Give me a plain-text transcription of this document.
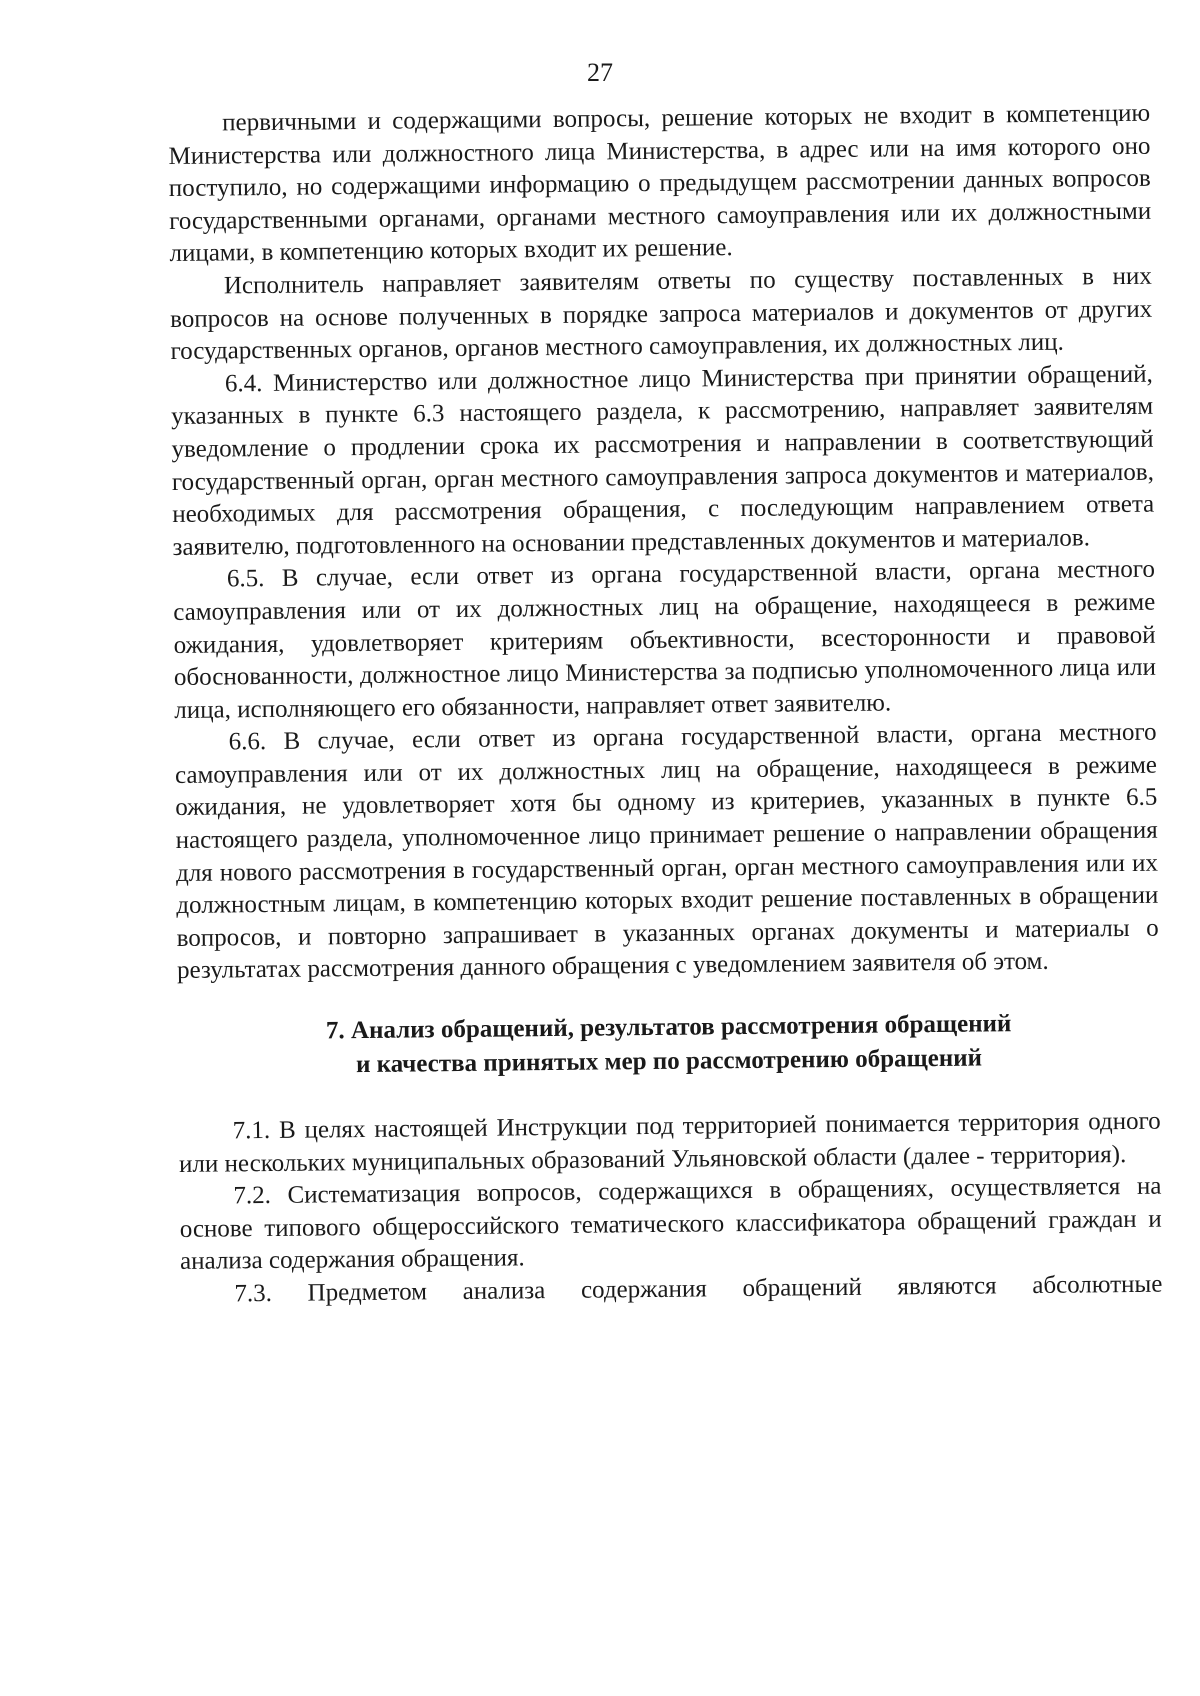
27

первичными и содержащими вопросы, решение которых не входит в компетенцию Министерства или должностного лица Министерства, в адрес или на имя которого оно поступило, но содержащими информацию о предыдущем рассмотрении данных вопросов государственными органами, органами местного самоуправления или их должностными лицами, в компетенцию которых входит их решение.

Исполнитель направляет заявителям ответы по существу поставленных в них вопросов на основе полученных в порядке запроса материалов и документов от других государственных органов, органов местного самоуправления, их должностных лиц.

6.4. Министерство или должностное лицо Министерства при принятии обращений, указанных в пункте 6.3 настоящего раздела, к рассмотрению, направляет заявителям уведомление о продлении срока их рассмотрения и направлении в соответствующий государственный орган, орган местного самоуправления запроса документов и материалов, необходимых для рассмотрения обращения, с последующим направлением ответа заявителю, подготовленного на основании представленных документов и материалов.

6.5. В случае, если ответ из органа государственной власти, органа местного самоуправления или от их должностных лиц на обращение, находящееся в режиме ожидания, удовлетворяет критериям объективности, всесторонности и правовой обоснованности, должностное лицо Министерства за подписью уполномоченного лица или лица, исполняющего его обязанности, направляет ответ заявителю.

6.6. В случае, если ответ из органа государственной власти, органа местного самоуправления или от их должностных лиц на обращение, находящееся в режиме ожидания, не удовлетворяет хотя бы одному из критериев, указанных в пункте 6.5 настоящего раздела, уполномоченное лицо принимает решение о направлении обращения для нового рассмотрения в государственный орган, орган местного самоуправления или их должностным лицам, в компетенцию которых входит решение поставленных в обращении вопросов, и повторно запрашивает в указанных органах документы и материалы о результатах рассмотрения данного обращения с уведомлением заявителя об этом.

7. Анализ обращений, результатов рассмотрения обращений
и качества принятых мер по рассмотрению обращений

7.1. В целях настоящей Инструкции под территорией понимается территория одного или нескольких муниципальных образований Ульяновской области (далее - территория).

7.2. Систематизация вопросов, содержащихся в обращениях, осуществляется на основе типового общероссийского тематического классификатора обращений граждан и анализа содержания обращения.

7.3. Предметом анализа содержания обращений являются абсолютные
